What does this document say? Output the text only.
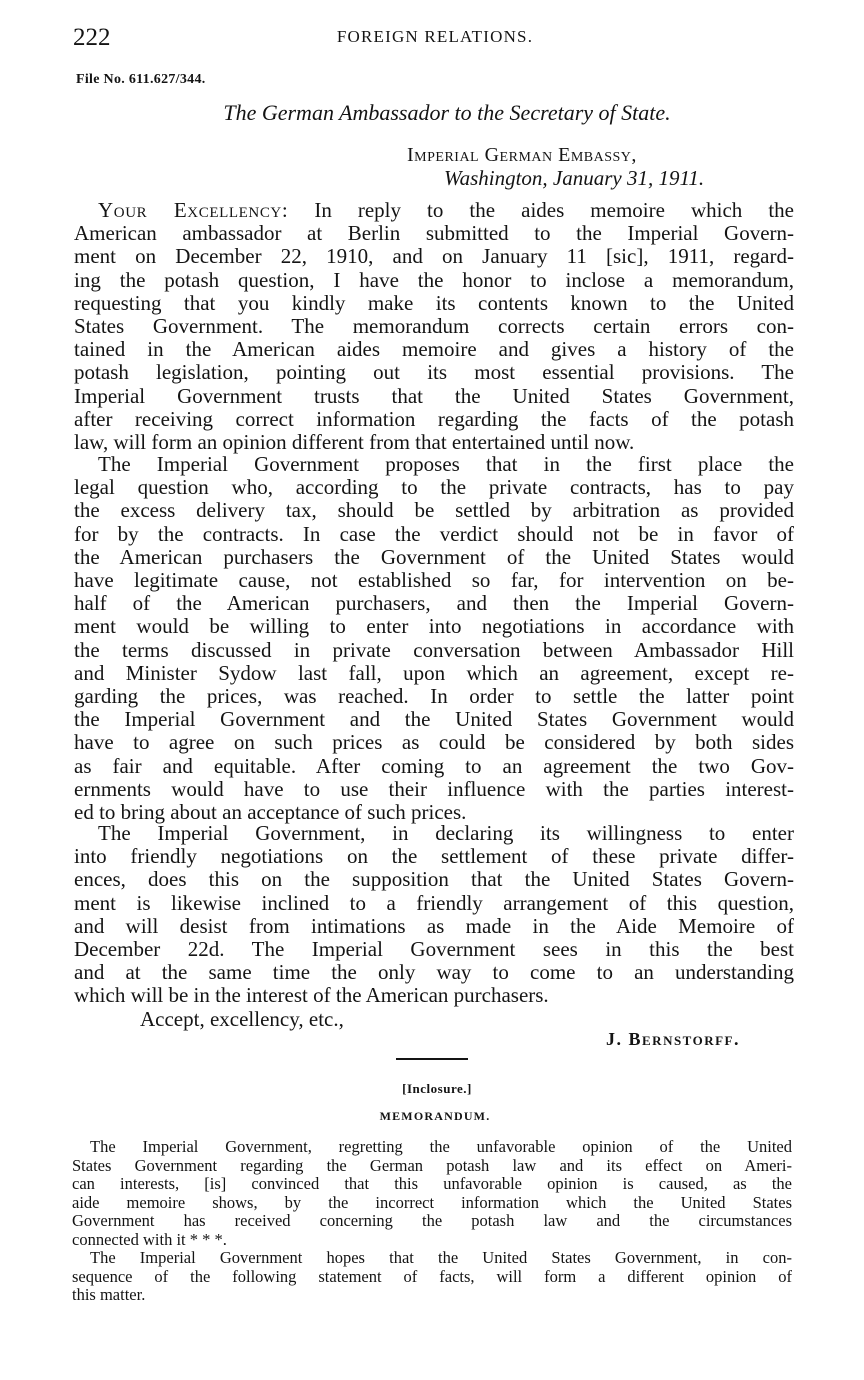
222	FOREIGN RELATIONS.
File No. 611.627/344.
The German Ambassador to the Secretary of State.
Imperial German Embassy,
Washington, January 31, 1911.

Your Excellency: In reply to the aides memoire which the

American ambassador at Berlin submitted to the Imperial Govern-

ment on December 22, 1910, and on January 11 [sic], 1911, regard-

ing the potash question, I have the honor to inclose a memorandum,

requesting that you kindly make its contents known to the United

States Government. The memorandum corrects certain errors con-

tained in the American aides memoire and gives a history of the

potash legislation, pointing out its most essential provisions. The

Imperial Government trusts that the United States Government,

after receiving correct information regarding the facts of the potash

law, will form an opinion different from that entertained until now.

The Imperial Government proposes that in the first place the

legal question who, according to the private contracts, has to pay

the excess delivery tax, should be settled by arbitration as provided

for by the contracts. In case the verdict should not be in favor of

the American purchasers the Government of the United States would

have legitimate cause, not established so far, for intervention on be-

half of the American purchasers, and then the Imperial Govern-

ment would be willing to enter into negotiations in accordance with

the terms discussed in private conversation between Ambassador Hill

and Minister Sydow last fall, upon which an agreement, except re-

garding the prices, was reached. In order to settle the latter point

the Imperial Government and the United States Government would

have to agree on such prices as could be considered by both sides

as fair and equitable. After coming to an agreement the two Gov-

ernments would have to use their influence with the parties interest-

ed to bring about an acceptance of such prices.

The Imperial Government, in declaring its willingness to enter

into friendly negotiations on the settlement of these private differ-

ences, does this on the supposition that the United States Govern-

ment is likewise inclined to a friendly arrangement of this question,

and will desist from intimations as made in the Aide Memoire of

December 22d. The Imperial Government sees in this the best

and at the same time the only way to come to an understanding

which will be in the interest of the American purchasers.

Accept, excellency, etc.,
J. Bernstorff.
[Inclosure.]
MEMORANDUM.

The Imperial Government, regretting the unfavorable opinion of the United

States Government regarding the German potash law and its effect on Ameri-

can interests, [is] convinced that this unfavorable opinion is caused, as the

aide memoire shows, by the incorrect information which the United States

Government has received concerning the potash law and the circumstances

connected with it * * *.

The Imperial Government hopes that the United States Government, in con-

sequence of the following statement of facts, will form a different opinion of

this matter.
